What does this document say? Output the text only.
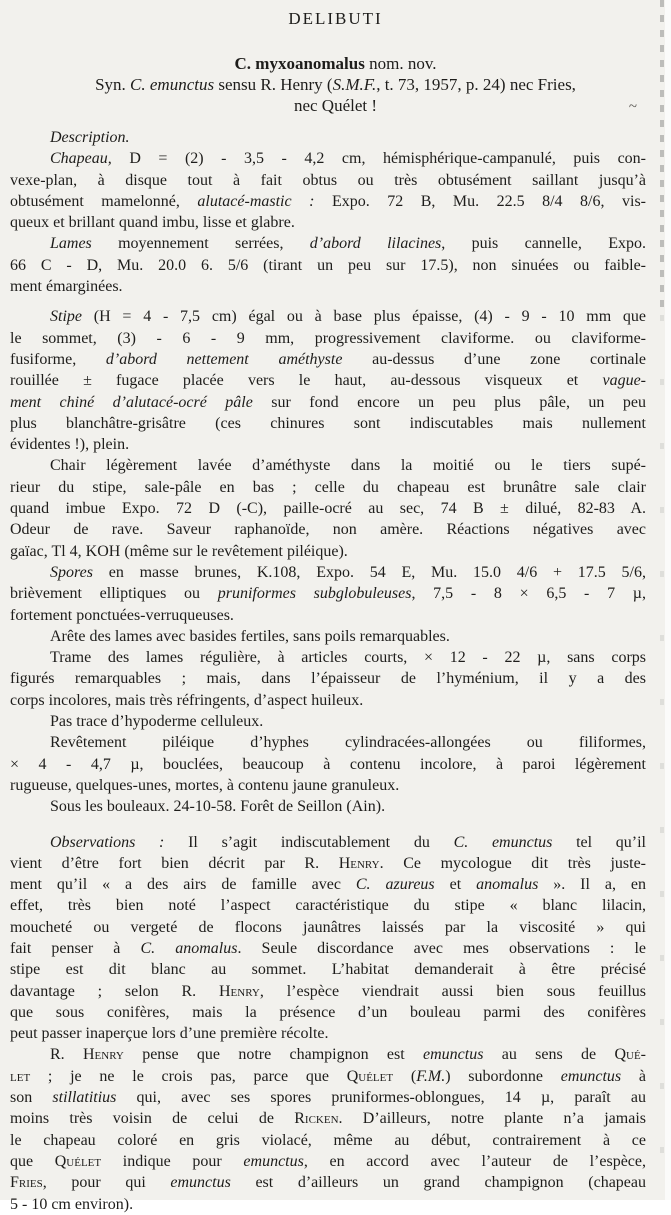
DELIBUTI
C. myxoanomalus nom. nov.
Syn. C. emunctus sensu R. Henry (S.M.F., t. 73, 1957, p. 24) nec Fries,
nec Quélet !	~
Description.
Chapeau, D = (2) - 3,5 - 4,2 cm, hémisphérique-campanulé, puis con-
vexe-plan, à disque tout à fait obtus ou très obtusément saillant jusqu’à
obtusément mamelonné, alutacé-mastic : Expo. 72 B, Mu. 22.5 8/4 8/6, vis-
queux et brillant quand imbu, lisse et glabre.
Lames moyennement serrées, d’abord lilacines, puis cannelle, Expo.
66 C - D, Mu. 20.0 6. 5/6 (tirant un peu sur 17.5), non sinuées ou faible-
ment émarginées.
Stipe (H = 4 - 7,5 cm) égal ou à base plus épaisse, (4) - 9 - 10 mm que
le sommet, (3) - 6 - 9 mm, progressivement claviforme. ou claviforme-
fusiforme, d’abord nettement améthyste au-dessus d’une zone cortinale
rouillée ± fugace placée vers le haut, au-dessous visqueux et vague-
ment chiné d’alutacé-ocré pâle sur fond encore un peu plus pâle, un peu
plus blanchâtre-grisâtre (ces chinures sont indiscutables mais nullement
évidentes !), plein.
Chair légèrement lavée d’améthyste dans la moitié ou le tiers supé-
rieur du stipe, sale-pâle en bas ; celle du chapeau est brunâtre sale clair
quand imbue Expo. 72 D (-C), paille-ocré au sec, 74 B ± dilué, 82-83 A.
Odeur de rave. Saveur raphanoïde, non amère. Réactions négatives avec
gaïac, Tl 4, KOH (même sur le revêtement piléique).
Spores en masse brunes, K.108, Expo. 54 E, Mu. 15.0 4/6 + 17.5 5/6,
brièvement elliptiques ou pruniformes subglobuleuses, 7,5 - 8 × 6,5 - 7 µ,
fortement ponctuées-verruqueuses.
Arête des lames avec basides fertiles, sans poils remarquables.
Trame des lames régulière, à articles courts, × 12 - 22 µ, sans corps
figurés remarquables ; mais, dans l’épaisseur de l’hyménium, il y a des
corps incolores, mais très réfringents, d’aspect huileux.
Pas trace d’hypoderme celluleux.
Revêtement piléique d’hyphes cylindracées-allongées ou filiformes,
× 4 - 4,7 µ, bouclées, beaucoup à contenu incolore, à paroi légèrement
rugueuse, quelques-unes, mortes, à contenu jaune granuleux.
Sous les bouleaux. 24-10-58. Forêt de Seillon (Ain).
Observations : Il s’agit indiscutablement du C. emunctus tel qu’il
vient d’être fort bien décrit par R. Henry. Ce mycologue dit très juste-
ment qu’il « a des airs de famille avec C. azureus et anomalus ». Il a, en
effet, très bien noté l’aspect caractéristique du stipe « blanc lilacin,
moucheté ou vergeté de flocons jaunâtres laissés par la viscosité » qui
fait penser à C. anomalus. Seule discordance avec mes observations : le
stipe est dit blanc au sommet. L’habitat demanderait à être précisé
davantage ; selon R. Henry, l’espèce viendrait aussi bien sous feuillus
que sous conifères, mais la présence d’un bouleau parmi des conifères
peut passer inaperçue lors d’une première récolte.
R. Henry pense que notre champignon est emunctus au sens de Qué-
let ; je ne le crois pas, parce que Quélet (F.M.) subordonne emunctus à
son stillatitius qui, avec ses spores pruniformes-oblongues, 14 µ, paraît au
moins très voisin de celui de Ricken. D’ailleurs, notre plante n’a jamais
le chapeau coloré en gris violacé, même au début, contrairement à ce
que Quélet indique pour emunctus, en accord avec l’auteur de l’espèce,
Fries, pour qui emunctus est d’ailleurs un grand champignon (chapeau
5 - 10 cm environ).
